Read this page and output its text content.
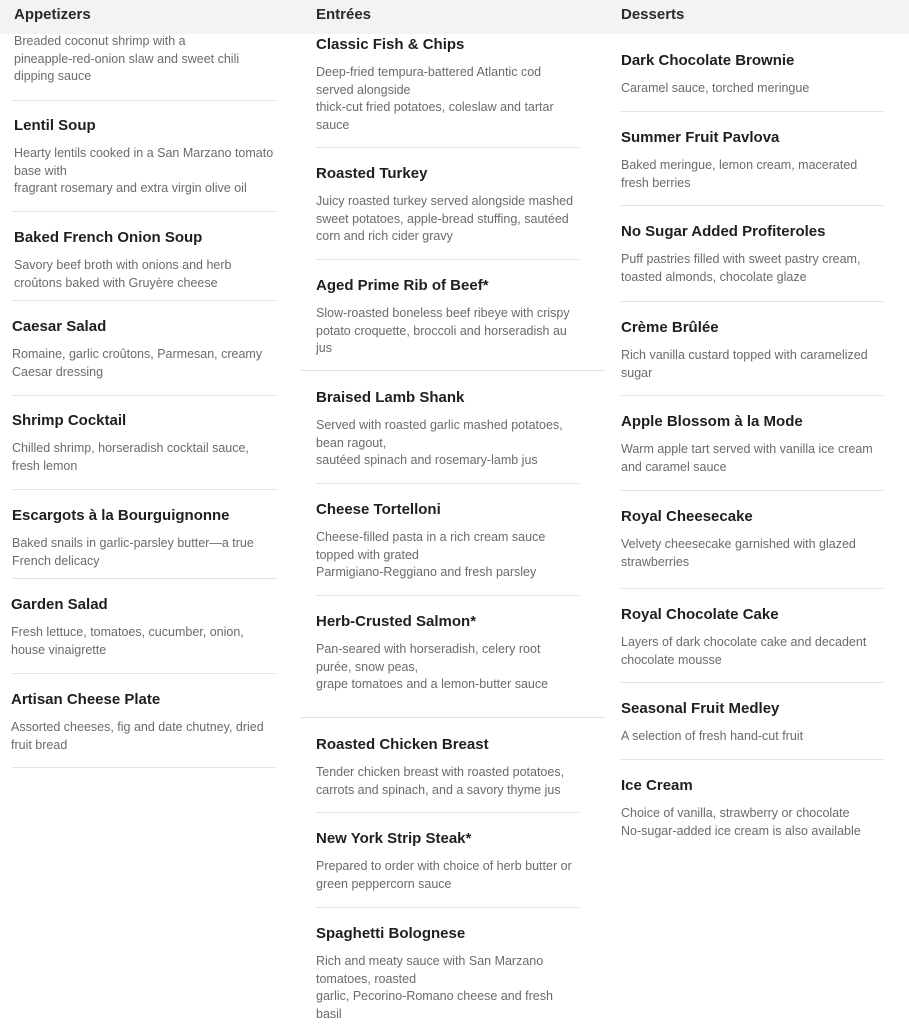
Appetizers	Entrées	Desserts
Breaded coconut shrimp with a
pineapple-red-onion slaw and sweet chili
dipping sauce
Lentil Soup
Hearty lentils cooked in a San Marzano tomato
base with
fragrant rosemary and extra virgin olive oil
Baked French Onion Soup
Savory beef broth with onions and herb
croûtons baked with Gruyère cheese
Caesar Salad
Romaine, garlic croûtons, Parmesan, creamy
Caesar dressing
Shrimp Cocktail
Chilled shrimp, horseradish cocktail sauce,
fresh lemon
Escargots à la Bourguignonne
Baked snails in garlic-parsley butter—a true
French delicacy
Garden Salad
Fresh lettuce, tomatoes, cucumber, onion,
house vinaigrette
Artisan Cheese Plate
Assorted cheeses, fig and date chutney, dried
fruit bread
Classic Fish & Chips
Deep-fried tempura-battered Atlantic cod
served alongside
thick-cut fried potatoes, coleslaw and tartar
sauce
Roasted Turkey
Juicy roasted turkey served alongside mashed
sweet potatoes, apple-bread stuffing, sautéed
corn and rich cider gravy
Aged Prime Rib of Beef*
Slow-roasted boneless beef ribeye with crispy
potato croquette, broccoli and horseradish au
jus
Braised Lamb Shank
Served with roasted garlic mashed potatoes,
bean ragout,
sautéed spinach and rosemary-lamb jus
Cheese Tortelloni
Cheese-filled pasta in a rich cream sauce
topped with grated
Parmigiano-Reggiano and fresh parsley
Herb-Crusted Salmon*
Pan-seared with horseradish, celery root
purée, snow peas,
grape tomatoes and a lemon-butter sauce
Roasted Chicken Breast
Tender chicken breast with roasted potatoes,
carrots and spinach, and a savory thyme jus
New York Strip Steak*
Prepared to order with choice of herb butter or
green peppercorn sauce
Spaghetti Bolognese
Rich and meaty sauce with San Marzano
tomatoes, roasted
garlic, Pecorino-Romano cheese and fresh
basil
Dark Chocolate Brownie
Caramel sauce, torched meringue
Summer Fruit Pavlova
Baked meringue, lemon cream, macerated
fresh berries
No Sugar Added Profiteroles
Puff pastries filled with sweet pastry cream,
toasted almonds, chocolate glaze
Crème Brûlée
Rich vanilla custard topped with caramelized
sugar
Apple Blossom à la Mode
Warm apple tart served with vanilla ice cream
and caramel sauce
Royal Cheesecake
Velvety cheesecake garnished with glazed
strawberries
Royal Chocolate Cake
Layers of dark chocolate cake and decadent
chocolate mousse
Seasonal Fruit Medley
A selection of fresh hand-cut fruit
Ice Cream
Choice of vanilla, strawberry or chocolate
No-sugar-added ice cream is also available
